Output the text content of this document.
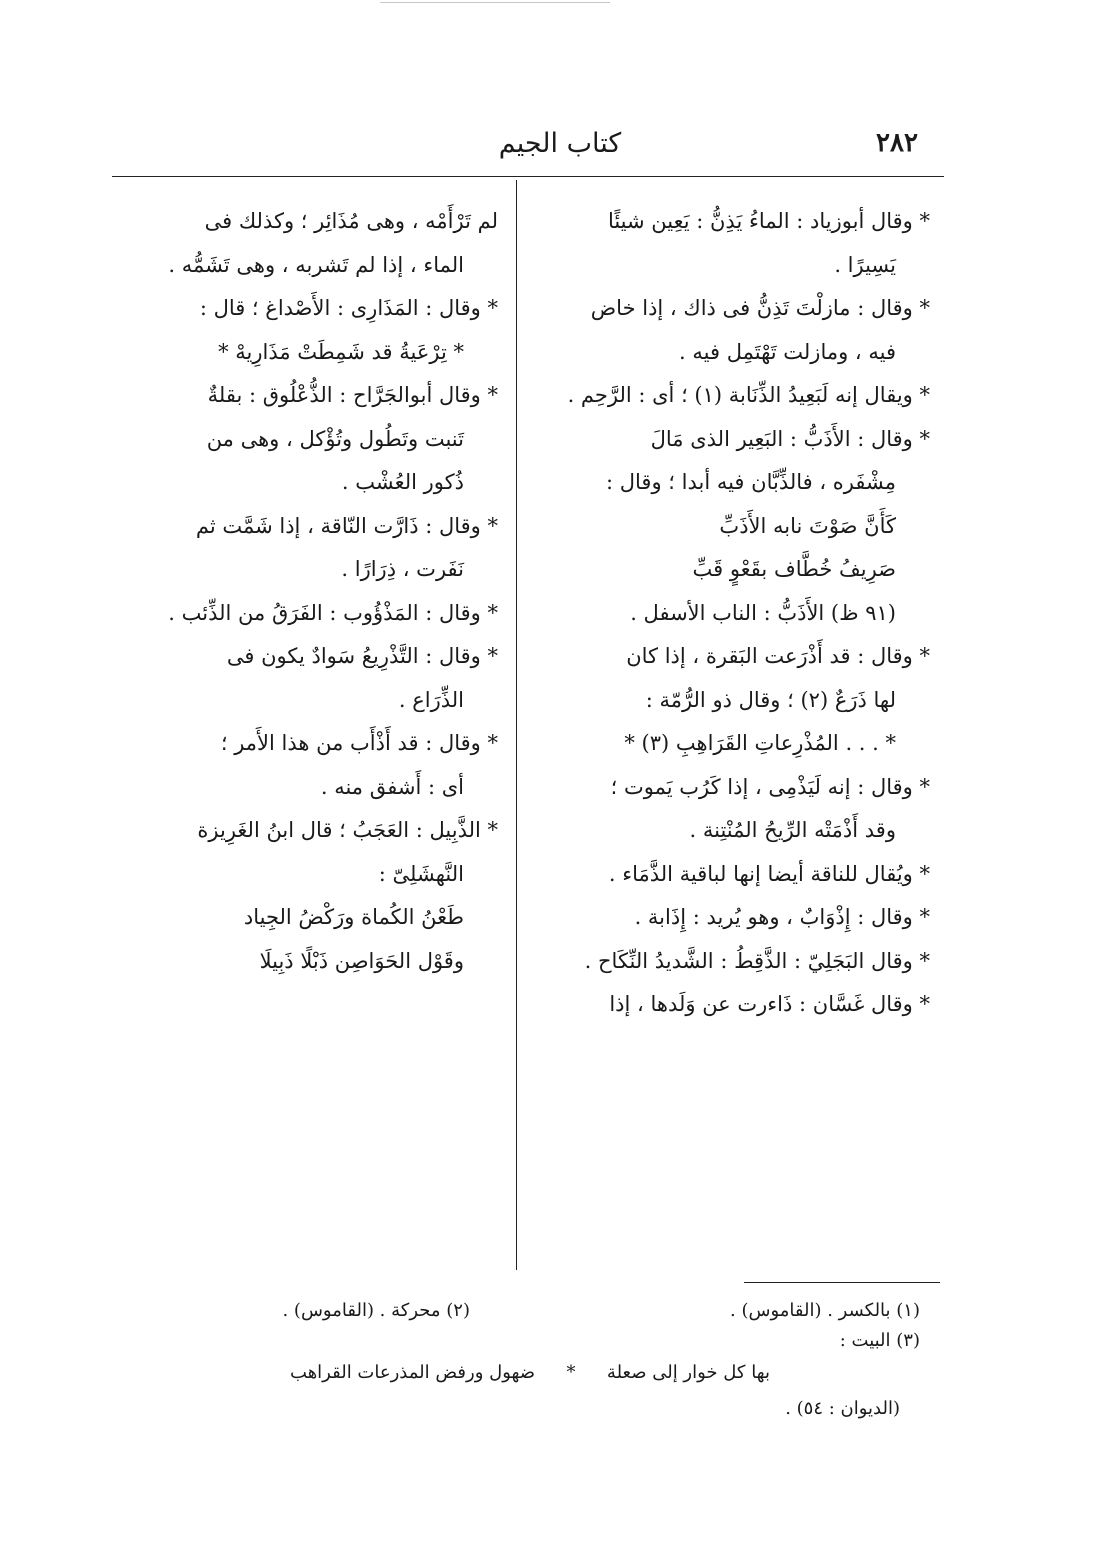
٢٨٢
كتاب الجيم
* وقال أبوزياد : الماءُ يَذِنُّ : يَعِين شيئًا
يَسِيرًا .
* وقال : مازلْتَ تَذِنُّ فى ذاك ، إذا خاض
فيه ، ومازلت تَهْتَمِل فيه .
* ويقال إنه لَبَعِيدُ الذِّنَابة (١) ؛ أى : الرَّحِم .
* وقال : الأَذَبُّ : البَعِير الذى مَالَ
مِشْفَره ، فالذِّبَّان فيه أبدا ؛ وقال :
كَأَنَّ صَوْتَ نابه الأَذَبِّ
صَرِيفُ خُطَّاف بقَعْوٍ قَبِّ
(٩١ ظ) الأَذَبُّ : الناب الأسفل .
* وقال : قد أَذْرَعت البَقرة ، إذا كان
لها ذَرَعٌ (٢) ؛ وقال ذو الرُّمّة :
* . . . المُذْرِعاتِ القَرَاهِبِ (٣) *
* وقال : إنه لَيَذْمِى ، إذا كَرُب يَموت ؛
وقد أَذْمَتْه الرِّيحُ المُنْتِنة .
* ويُقال للناقة أيضا إنها لباقية الذَّمَاء .
* وقال : إِذْوَابٌ ، وهو يُريد : إِذَابة .
* وقال البَجَلِيّ : الذَّقِطُ : الشَّديدُ النِّكَاح .
* وقال غَسَّان : ذَاءرت عن وَلَدها ، إذا
لم تَرْأَمْه ، وهى مُذَائِر ؛ وكذلك فى
الماء ، إذا لم تَشربه ، وهى تَشَمُّه .
* وقال : المَذَارِى : الأَصْداغ ؛ قال :
* تِرْعَيةُ قد شَمِطَتْ مَذَارِيهْ *
* وقال أبوالجَرَّاح : الذُّعْلُوق : بقلةٌ
تَنبت وتَطُول وتُؤْكل ، وهى من
ذُكور العُشْب .
* وقال : ذَارَّت النّاقة ، إذا شَمَّت ثم
نَفَرت ، ذِرَارًا .
* وقال : المَذْؤُوب : الفَرَقُ من الذِّئب .
* وقال : التَّذْرِيعُ سَوادٌ يكون فى
الذِّرَاع .
* وقال : قد أَذْأَب من هذا الأَمر ؛
أى : أَشفق منه .
* الذَّبِيل : العَجَبُ ؛ قال ابنُ الغَرِيزة
النَّهشَلِىّ :
طَعْنُ الكُماة ورَكْضُ الجِياد
وقَوْل الحَوَاصِن ذَبْلًا ذَبِيلَا
(١) بالكسر . (القاموس) .
(٣) البيت :
(٢) محركة . (القاموس) .
بها كل خوار إلى صعلة
*
ضهول ورفض المذرعات القراهب
(الديوان : ٥٤) .
